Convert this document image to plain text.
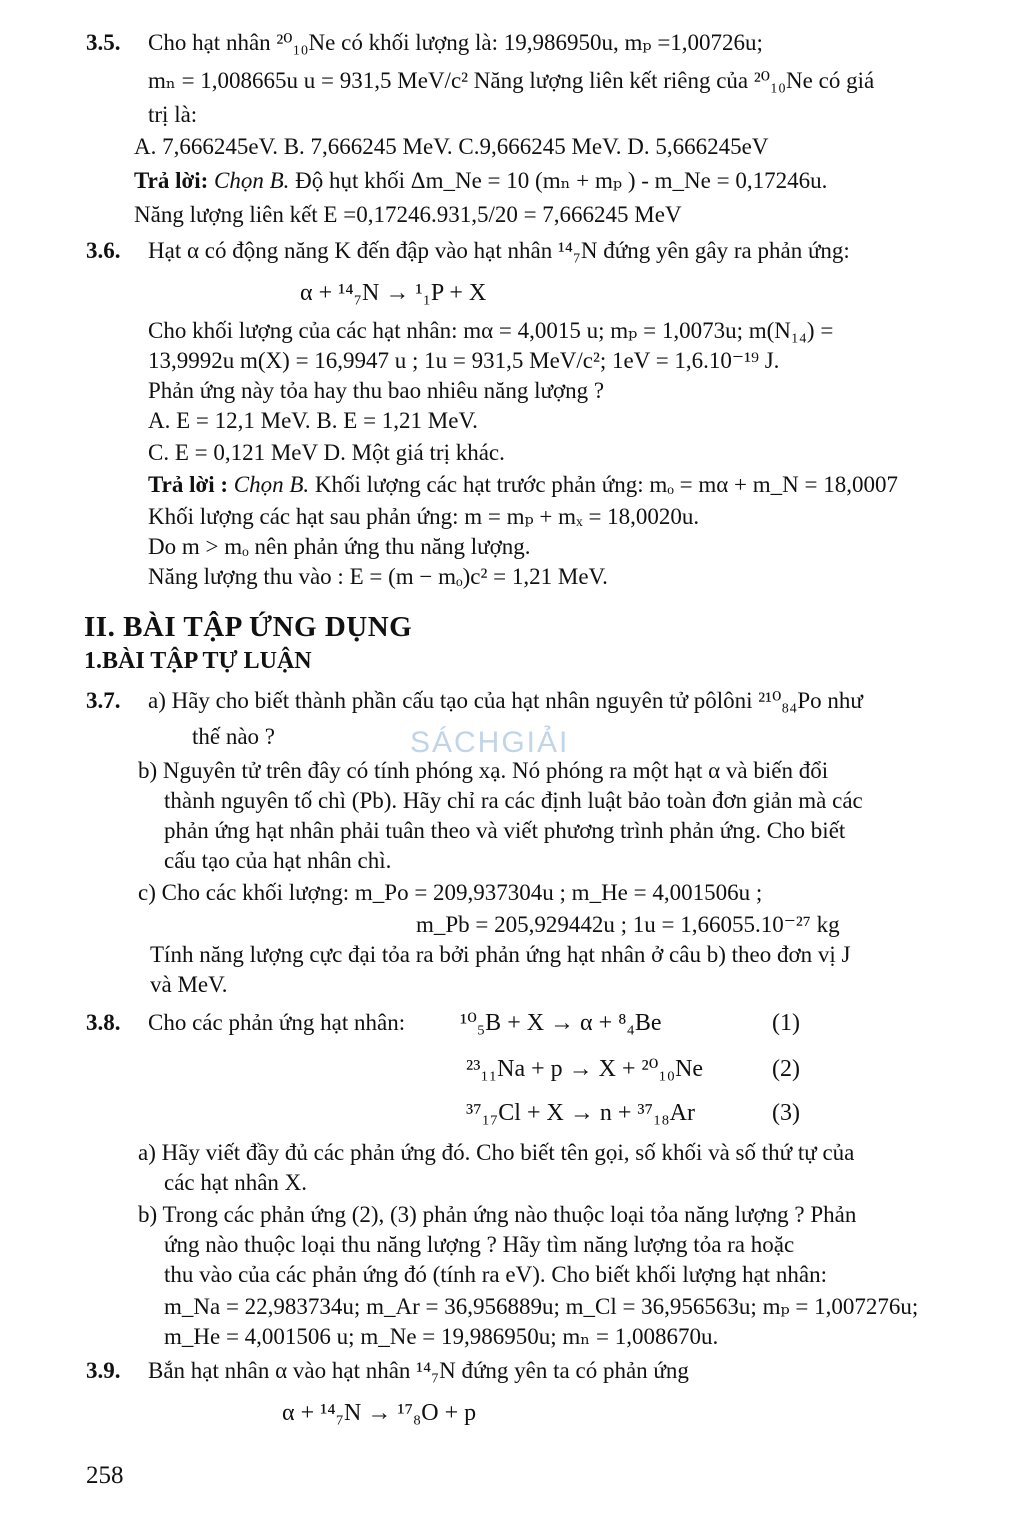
3.5. Cho hạt nhân ²⁰₁₀Ne có khối lượng là: 19,986950u, mₚ =1,00726u;
mₙ = 1,008665u u = 931,5 MeV/c² Năng lượng liên kết riêng của ²⁰₁₀Ne có giá
trị là:
A. 7,666245eV. B. 7,666245 MeV. C.9,666245 MeV. D. 5,666245eV
Trả lời: Chọn B. Độ hụt khối Δm_Ne = 10 (mₙ + mₚ ) - m_Ne = 0,17246u.
Năng lượng liên kết E =0,17246.931,5/20 = 7,666245 MeV
3.6. Hạt α có động năng K đến đập vào hạt nhân ¹⁴₇N đứng yên gây ra phản ứng:
α + ¹⁴₇N → ¹₁P + X
Cho khối lượng của các hạt nhân: mα = 4,0015 u; mₚ = 1,0073u; m(N₁₄) =
13,9992u m(X) = 16,9947 u ; 1u = 931,5 MeV/c²; 1eV = 1,6.10⁻¹⁹ J.
Phản ứng này tỏa hay thu bao nhiêu năng lượng ?
A. E = 12,1 MeV. B. E = 1,21 MeV.
C. E = 0,121 MeV D. Một giá trị khác.
Trả lời : Chọn B. Khối lượng các hạt trước phản ứng: mₒ = mα + m_N = 18,0007
Khối lượng các hạt sau phản ứng: m = mₚ + mₓ = 18,0020u.
Do m > mₒ nên phản ứng thu năng lượng.
Năng lượng thu vào : E = (m − mₒ)c² = 1,21 MeV.
II. BÀI TẬP ỨNG DỤNG
1.BÀI TẬP TỰ LUẬN
3.7. a) Hãy cho biết thành phần cấu tạo của hạt nhân nguyên tử pôlôni ²¹⁰₈₄Po như
thế nào ?
b) Nguyên tử trên đây có tính phóng xạ. Nó phóng ra một hạt α và biến đổi
thành nguyên tố chì (Pb). Hãy chỉ ra các định luật bảo toàn đơn giản mà các
phản ứng hạt nhân phải tuân theo và viết phương trình phản ứng. Cho biết
cấu tạo của hạt nhân chì.
c) Cho các khối lượng: m_Po = 209,937304u ; m_He = 4,001506u ;
m_Pb = 205,929442u ; 1u = 1,66055.10⁻²⁷ kg
Tính năng lượng cực đại tỏa ra bởi phản ứng hạt nhân ở câu b) theo đơn vị J
và MeV.
SÁCHGIẢI
3.8. Cho các phản ứng hạt nhân: ¹⁰₅B + X → α + ⁸₄Be	(1)
²³₁₁Na + p → X + ²⁰₁₀Ne	(2)
³⁷₁₇Cl + X → n + ³⁷₁₈Ar	(3)
a) Hãy viết đầy đủ các phản ứng đó. Cho biết tên gọi, số khối và số thứ tự của
các hạt nhân X.
b) Trong các phản ứng (2), (3) phản ứng nào thuộc loại tỏa năng lượng ? Phản
ứng nào thuộc loại thu năng lượng ? Hãy tìm năng lượng tỏa ra hoặc
thu vào của các phản ứng đó (tính ra eV). Cho biết khối lượng hạt nhân:
m_Na = 22,983734u; m_Ar = 36,956889u; m_Cl = 36,956563u; mₚ = 1,007276u;
m_He = 4,001506 u; m_Ne = 19,986950u; mₙ = 1,008670u.
3.9. Bắn hạt nhân α vào hạt nhân ¹⁴₇N đứng yên ta có phản ứng
α + ¹⁴₇N → ¹⁷₈O + p
258
